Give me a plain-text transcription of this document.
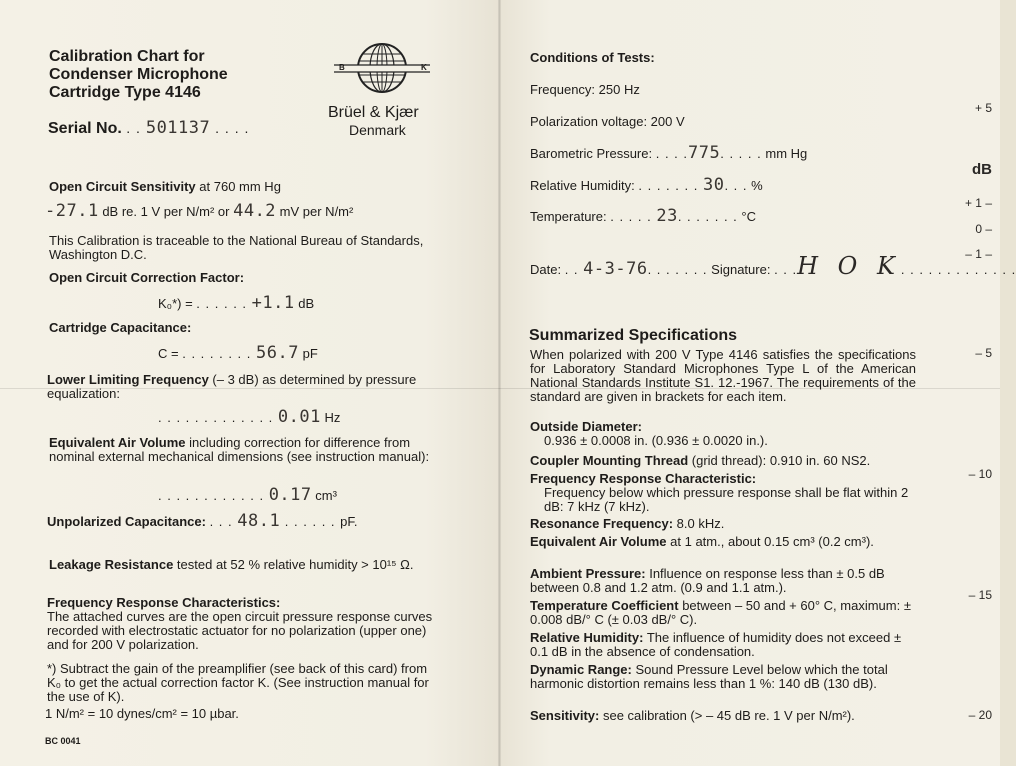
Calibration Chart for
Condenser Microphone
Cartridge Type 4146
Serial No. . . 501137 . . . .
B	K
Brüel & Kjær
Denmark
Open Circuit Sensitivity at 760 mm Hg
-27.1 dB re. 1 V per N/m² or 44.2 mV per N/m²
This Calibration is traceable to the National Bureau of Standards, Washington D.C.
Open Circuit Correction Factor:
K₀*) = . . . . . . +1.1 dB
Cartridge Capacitance:
C = . . . . . . . . 56.7 pF
Lower Limiting Frequency (– 3 dB) as determined by pressure equalization:
. . . . . . . . . . . . . 0.01 Hz
Equivalent Air Volume including correction for difference from nominal external mechanical dimensions (see instruction manual):
. . . . . . . . . . . . 0.17 cm³
Unpolarized Capacitance: . . . 48.1 . . . . . . pF.
Leakage Resistance tested at 52 % relative humidity > 10¹⁵ Ω.
Frequency Response Characteristics:
The attached curves are the open circuit pressure response curves recorded with electrostatic actuator for no polarization (upper one) and for 200 V polarization.
*) Subtract the gain of the preamplifier (see back of this card) from K₀ to get the actual correction factor K. (See instruction manual for the use of K).
1 N/m² = 10 dynes/cm² = 10 µbar.
BC 0041
Conditions of Tests:
Frequency: 250 Hz
Polarization voltage: 200 V
Barometric Pressure: . . . .775. . . . . mm Hg
Relative Humidity: . . . . . . . 30. . . %
Temperature: . . . . . 23. . . . . . . °C
Date: . . 4-3-76. . . . . . . Signature: . . .H O K. . . . . . . . . . . . .
Summarized Specifications
When polarized with 200 V Type 4146 satisfies the specifications for Laboratory Standard Microphones Type L of the American National Standards Institute S1. 12.-1967. The requirements of the standard are given in brackets for each item.
Outside Diameter:
0.936 ± 0.0008 in. (0.936 ± 0.0020 in.).
Coupler Mounting Thread (grid thread): 0.910 in. 60 NS2.
Frequency Response Characteristic:
Frequency below which pressure response shall be flat within 2 dB: 7 kHz (7 kHz).
Resonance Frequency: 8.0 kHz.
Equivalent Air Volume at 1 atm., about 0.15 cm³ (0.2 cm³).
Ambient Pressure: Influence on response less than ± 0.5 dB between 0.8 and 1.2 atm. (0.9 and 1.1 atm.).
Temperature Coefficient between – 50 and + 60° C, maximum: ± 0.008 dB/° C (± 0.03 dB/° C).
Relative Humidity: The influence of humidity does not exceed ± 0.1 dB in the absence of condensation.
Dynamic Range: Sound Pressure Level below which the total harmonic distortion remains less than 1 %: 140 dB (130 dB).
Sensitivity: see calibration (> – 45 dB re. 1 V per N/m²).
+ 5
dB
+ 1 –
0 –
– 1 –
– 5
– 10
– 15
– 20
